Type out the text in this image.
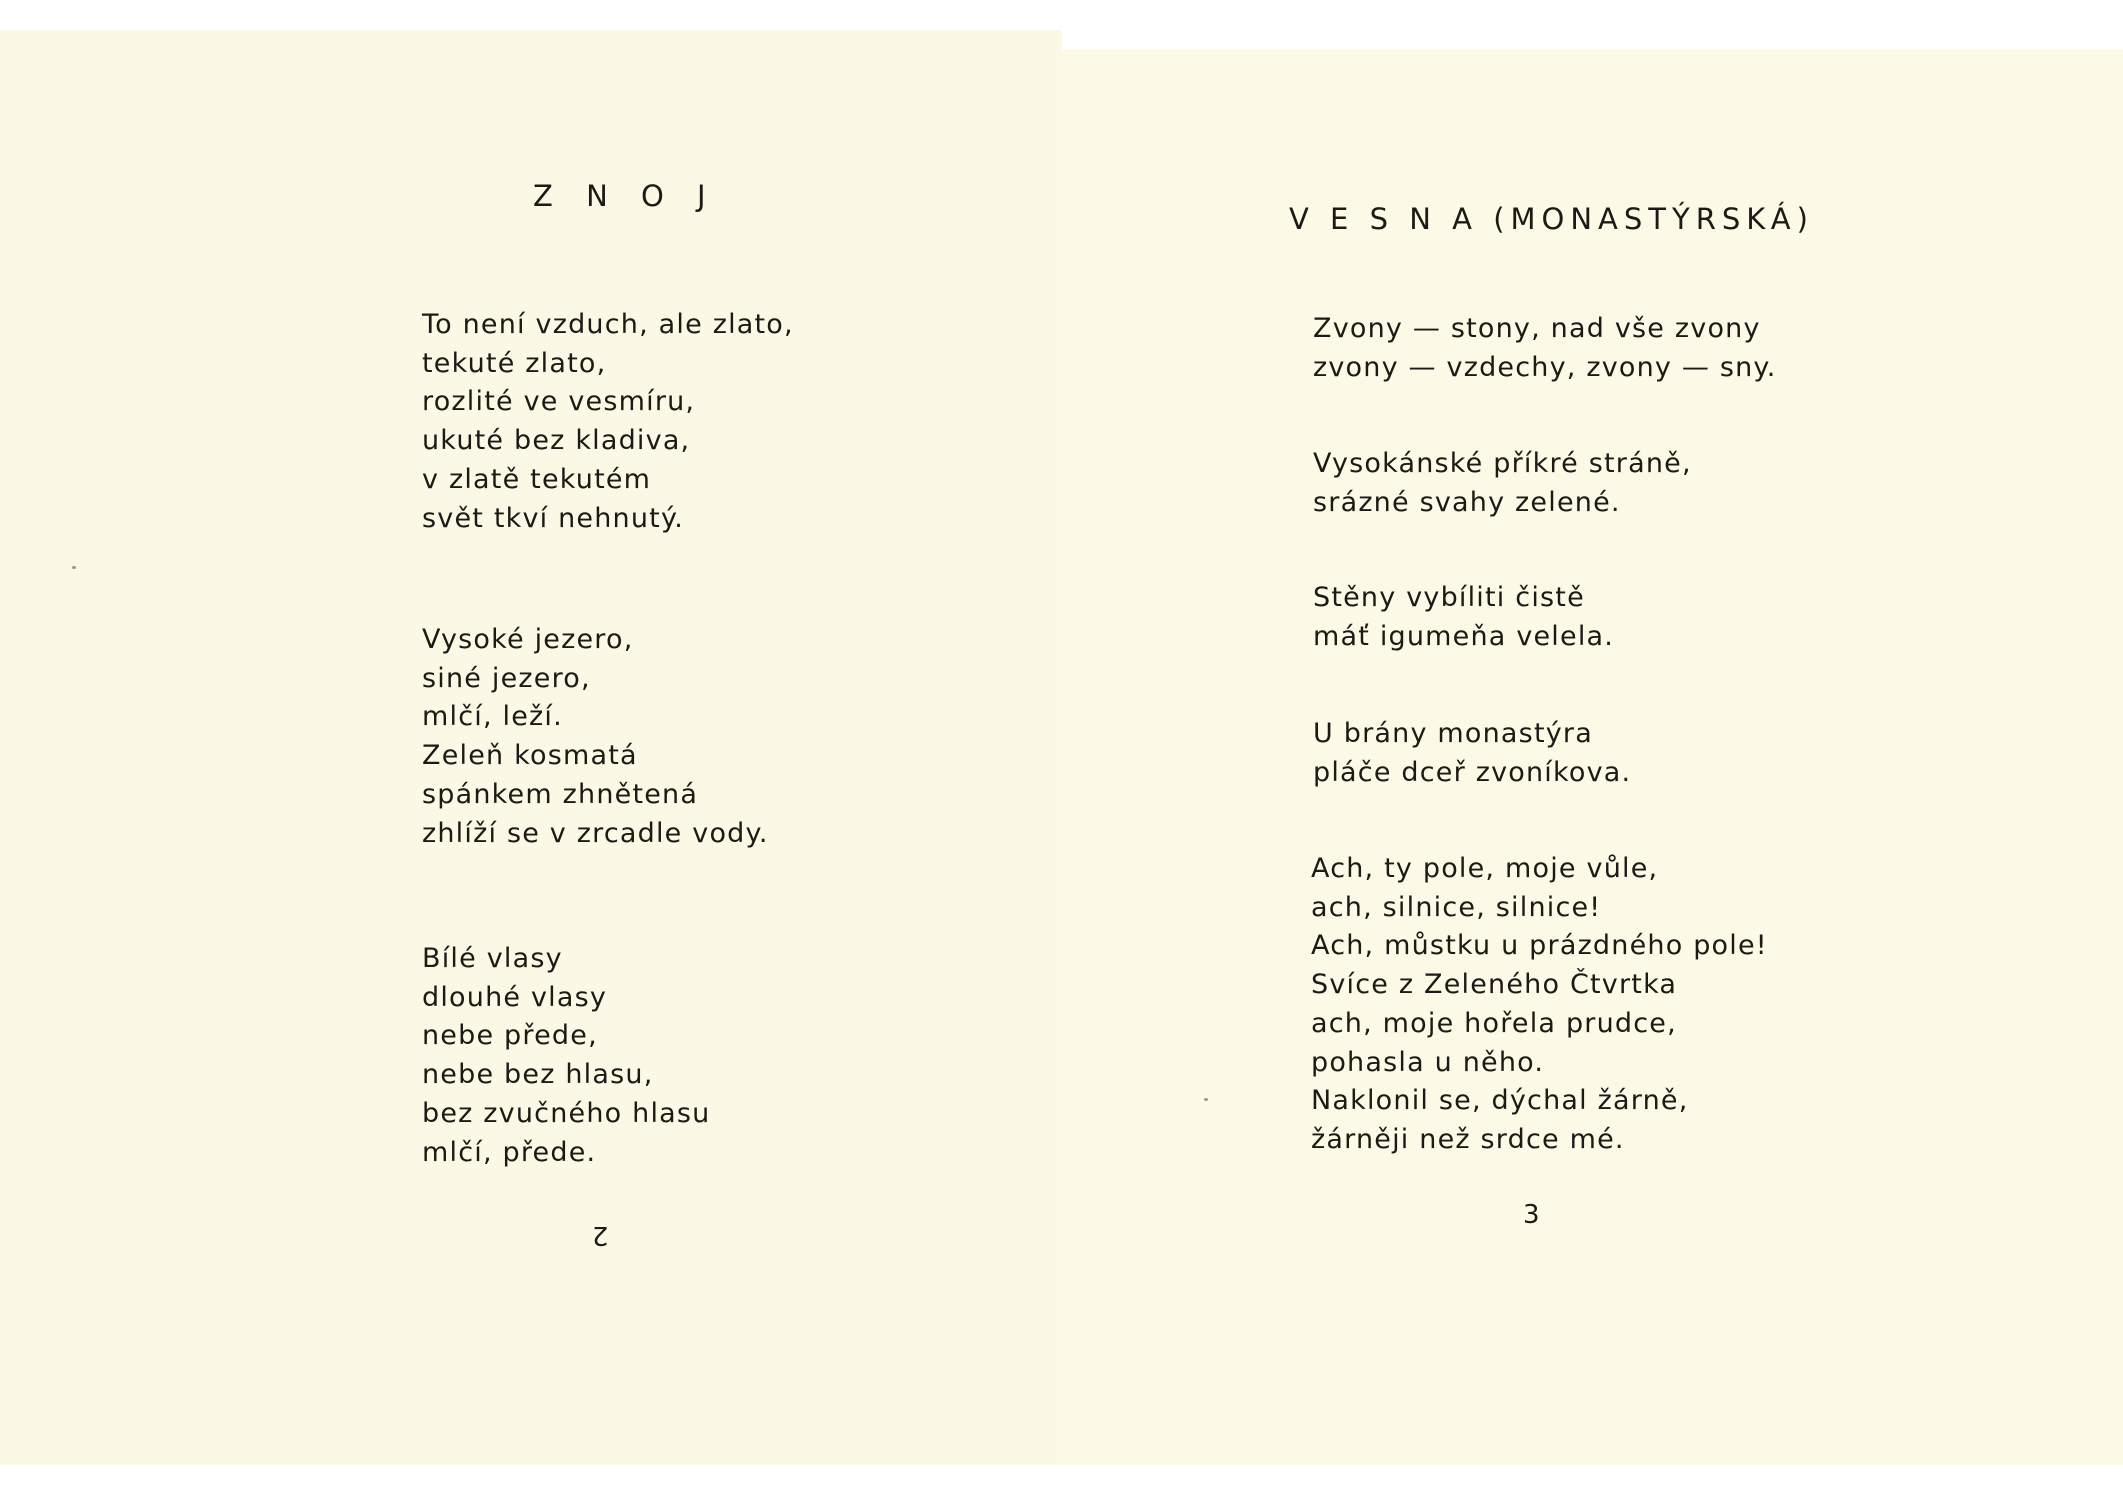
Z N O J
To není vzduch, ale zlato,
tekuté zlato,
rozlité ve vesmíru,
ukuté bez kladiva,
v zlatě tekutém
svět tkví nehnutý.
Vysoké jezero,
siné jezero,
mlčí, leží.
Zeleň kosmatá
spánkem zhnětená
zhlíží se v zrcadle vody.
Bílé vlasy
dlouhé vlasy
nebe přede,
nebe bez hlasu,
bez zvučného hlasu
mlčí, přede.
2
V E S N A (MONASTÝRSKÁ)
Zvony — stony, nad vše zvony
zvony — vzdechy, zvony — sny.
Vysokánské příkré stráně,
srázné svahy zelené.
Stěny vybíliti čistě
máť igumeňa velela.
U brány monastýra
pláče dceř zvoníkova.
Ach, ty pole, moje vůle,
ach, silnice, silnice!
Ach, můstku u prázdného pole!
Svíce z Zeleného Čtvrtka
ach, moje hořela prudce,
pohasla u něho.
Naklonil se, dýchal žárně,
žárněji než srdce mé.
3
